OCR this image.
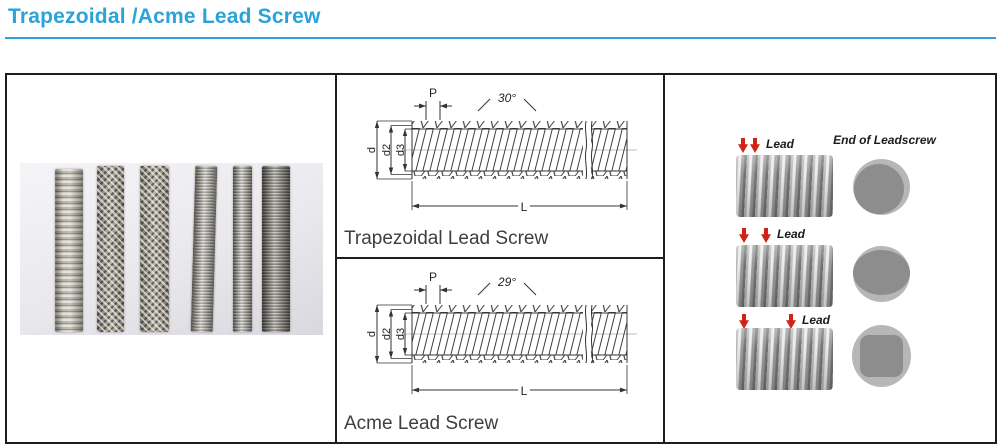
Trapezoidal /Acme Lead Screw
P	30°
d d2 d3
L
Trapezoidal Lead Screw
P	29°
d d2 d3
L
Acme Lead Screw
End of Leadscrew
Lead
Lead
Lead
